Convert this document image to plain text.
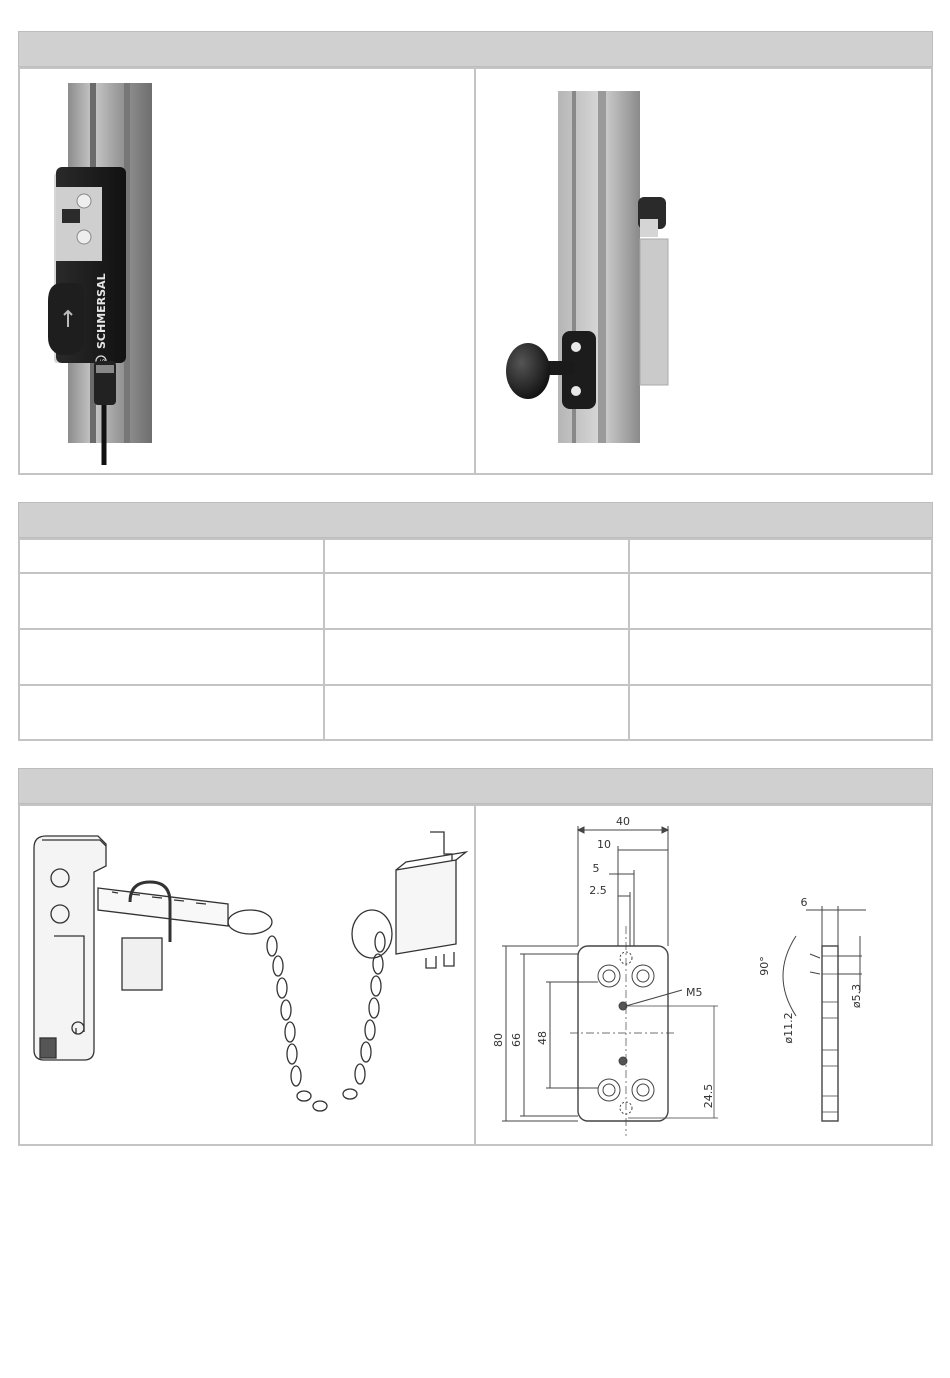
SCHMERSAL
40
10
5
2.5
M5
80 66 48
24.5
6
90°
ø11.2
ø5.3
